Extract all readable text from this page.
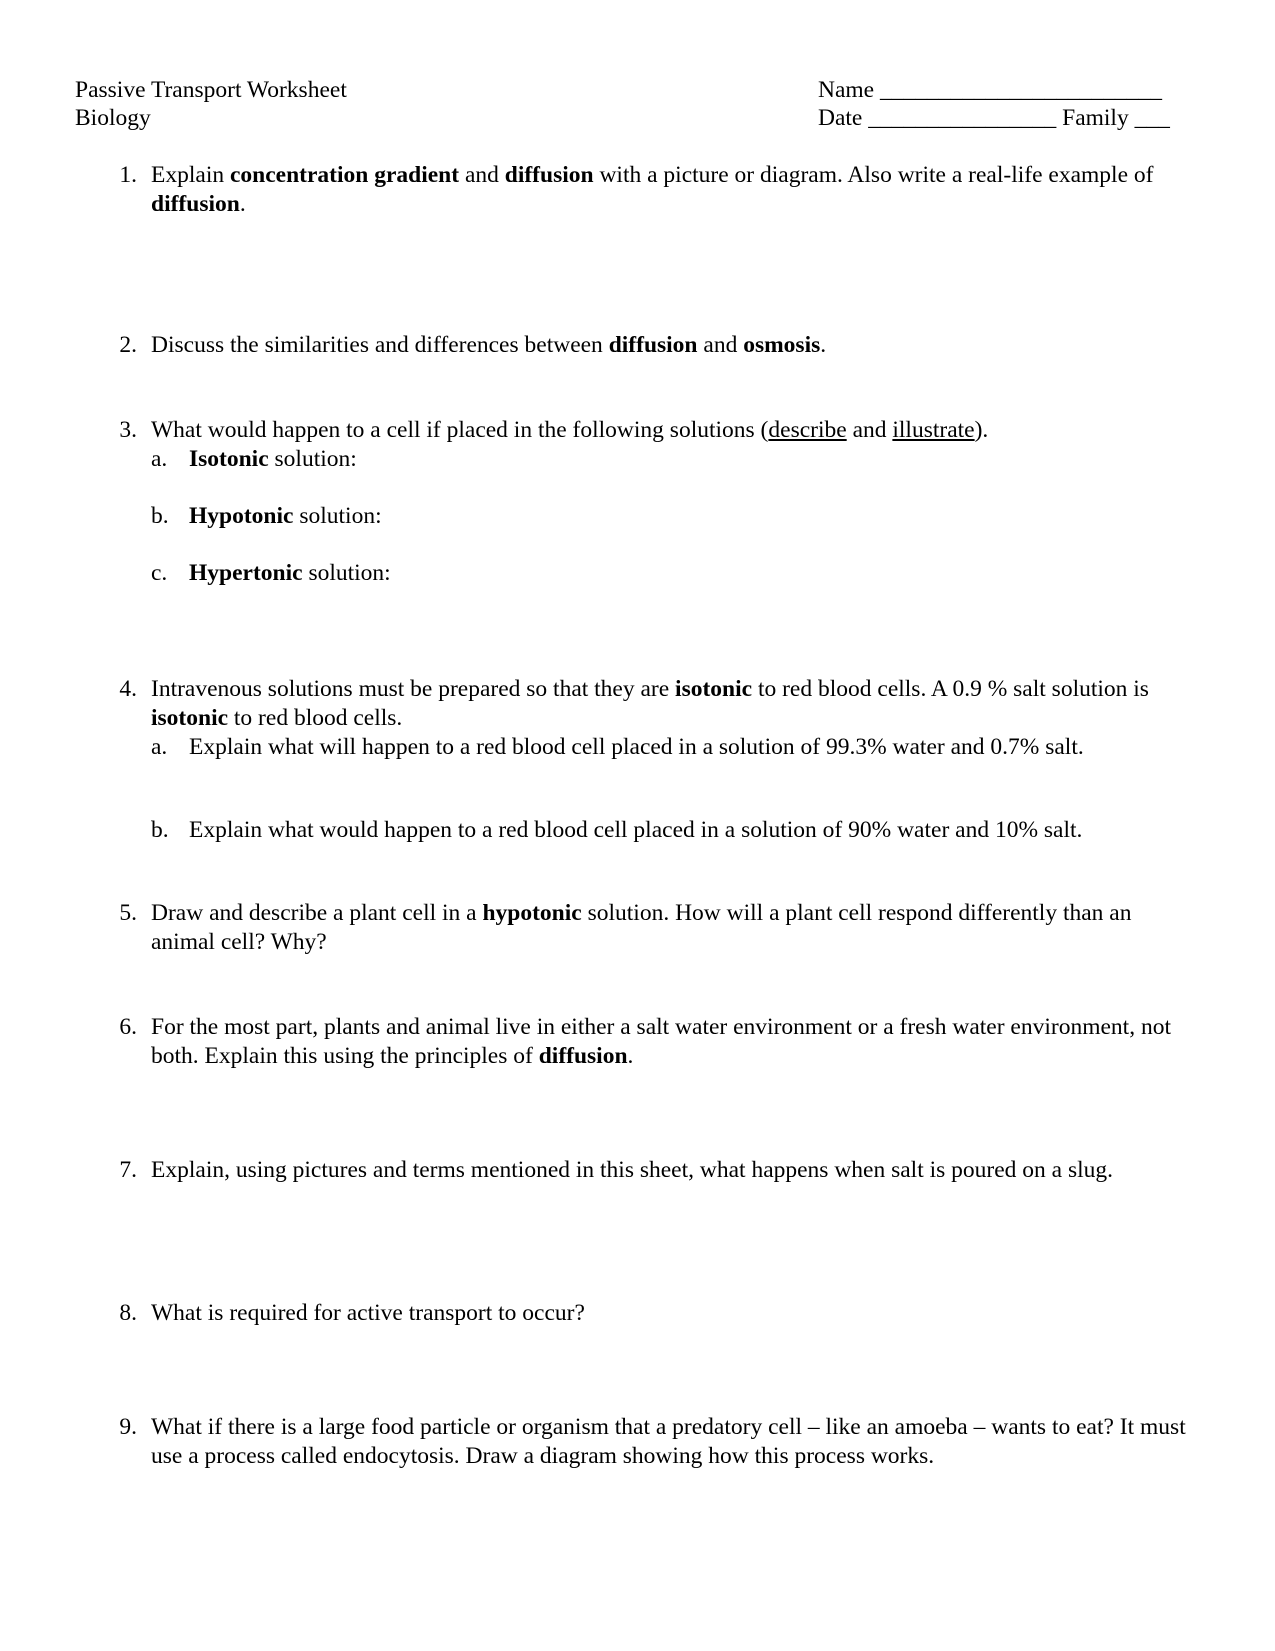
Passive Transport Worksheet
Biology
Name ________________________
Date ________________ Family ___
1. Explain concentration gradient and diffusion with a picture or diagram. Also write a real-life example of diffusion.
2. Discuss the similarities and differences between diffusion and osmosis.
3. What would happen to a cell if placed in the following solutions (describe and illustrate).
a. Isotonic solution:
b. Hypotonic solution:
c. Hypertonic solution:
4. Intravenous solutions must be prepared so that they are isotonic to red blood cells. A 0.9 % salt solution is isotonic to red blood cells.
a. Explain what will happen to a red blood cell placed in a solution of 99.3% water and 0.7% salt.
b. Explain what would happen to a red blood cell placed in a solution of 90% water and 10% salt.
5. Draw and describe a plant cell in a hypotonic solution. How will a plant cell respond differently than an animal cell? Why?
6. For the most part, plants and animal live in either a salt water environment or a fresh water environment, not both. Explain this using the principles of diffusion.
7. Explain, using pictures and terms mentioned in this sheet, what happens when salt is poured on a slug.
8. What is required for active transport to occur?
9. What if there is a large food particle or organism that a predatory cell – like an amoeba – wants to eat? It must use a process called endocytosis. Draw a diagram showing how this process works.
